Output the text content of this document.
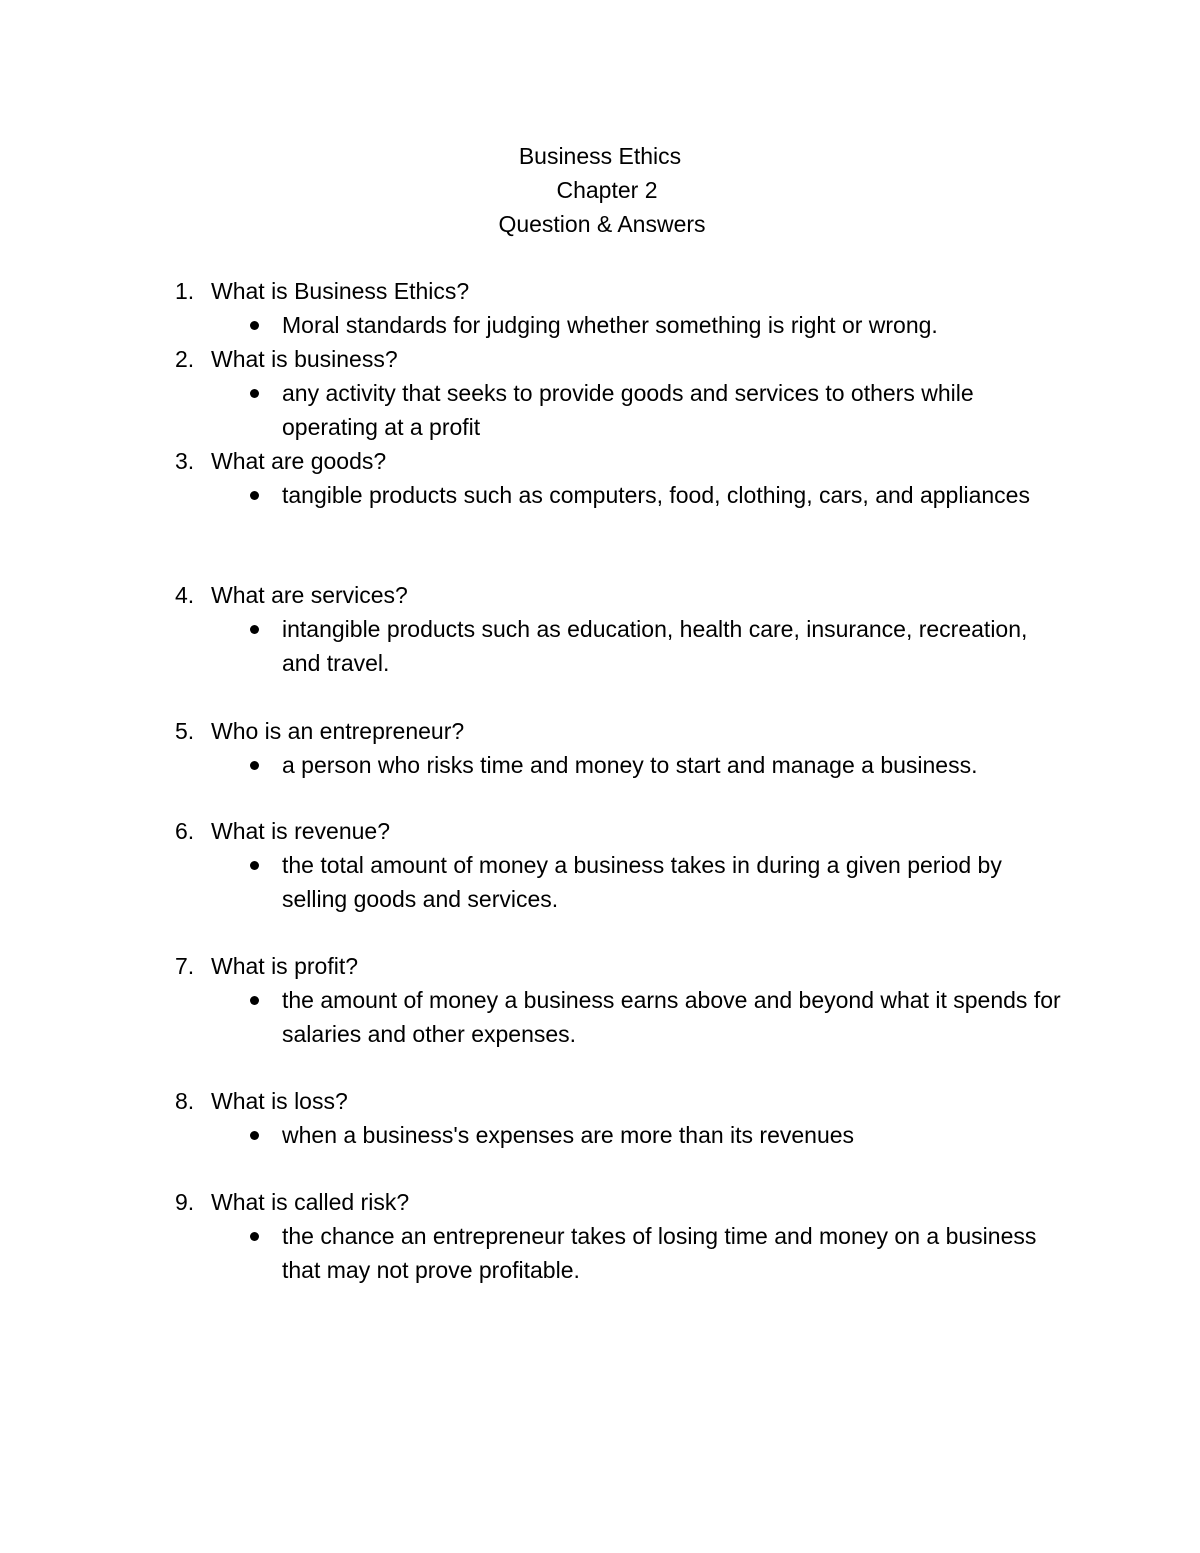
Business Ethics
Chapter 2
Question & Answers
1. What is Business Ethics?
Moral standards for judging whether something is right or wrong.
2. What is business?
any activity that seeks to provide goods and services to others while operating at a profit
3. What are goods?
tangible products such as computers, food, clothing, cars, and appliances
4. What are services?
intangible products such as education, health care, insurance, recreation, and travel.
5. Who is an entrepreneur?
a person who risks time and money to start and manage a business.
6. What is revenue?
the total amount of money a business takes in during a given period by selling goods and services.
7. What is profit?
the amount of money a business earns above and beyond what it spends for salaries and other expenses.
8. What is loss?
when a business's expenses are more than its revenues
9. What is called risk?
the chance an entrepreneur takes of losing time and money on a business that may not prove profitable.
